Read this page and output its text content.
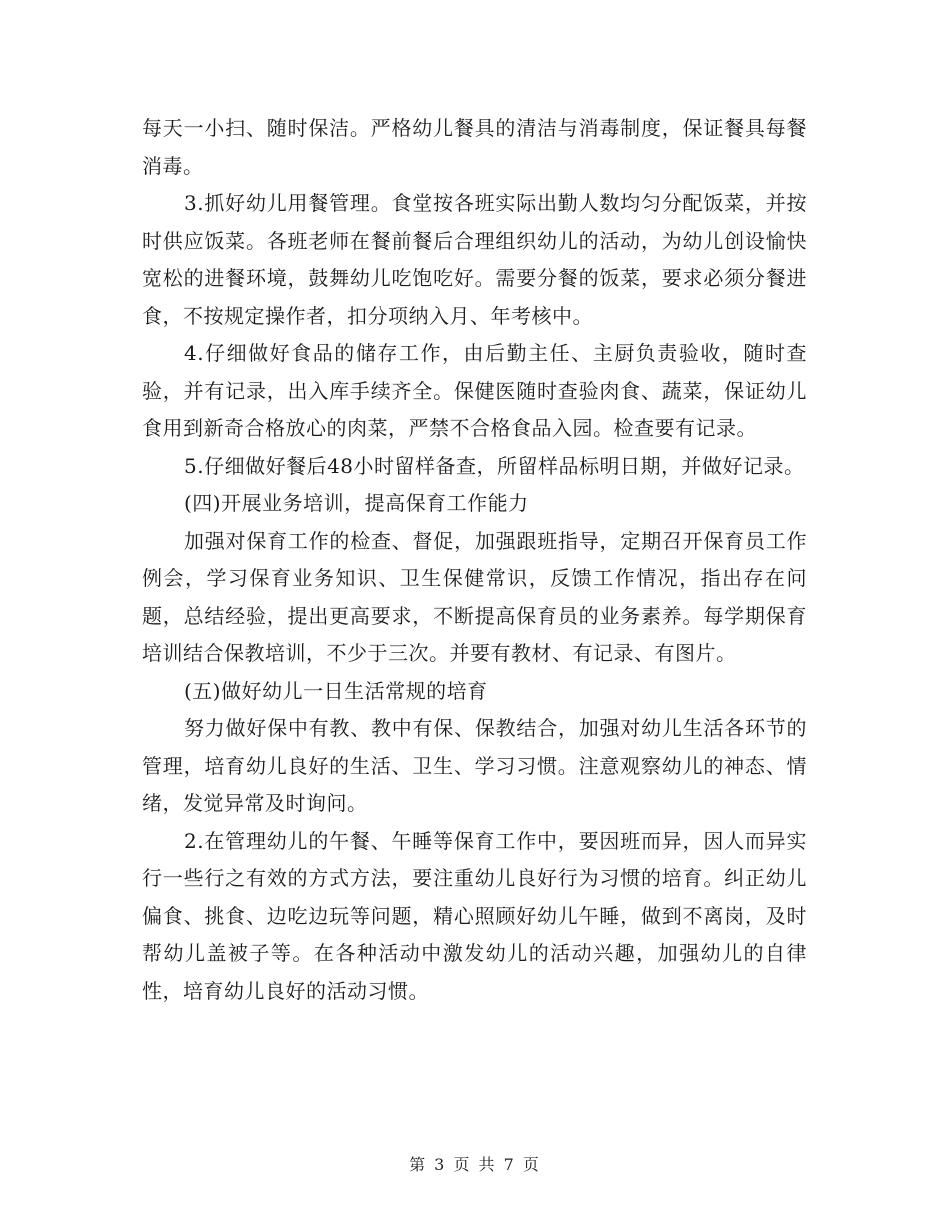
每天一小扫、随时保洁。严格幼儿餐具的清洁与消毒制度，保证餐具每餐消毒。

3.抓好幼儿用餐管理。食堂按各班实际出勤人数均匀分配饭菜，并按时供应饭菜。各班老师在餐前餐后合理组织幼儿的活动，为幼儿创设愉快宽松的进餐环境，鼓舞幼儿吃饱吃好。需要分餐的饭菜，要求必须分餐进食，不按规定操作者，扣分项纳入月、年考核中。

4.仔细做好食品的储存工作，由后勤主任、主厨负责验收，随时查验，并有记录，出入库手续齐全。保健医随时查验肉食、蔬菜，保证幼儿食用到新奇合格放心的肉菜，严禁不合格食品入园。检查要有记录。

5.仔细做好餐后48小时留样备查，所留样品标明日期，并做好记录。

(四)开展业务培训，提高保育工作能力

加强对保育工作的检查、督促，加强跟班指导，定期召开保育员工作例会，学习保育业务知识、卫生保健常识，反馈工作情况，指出存在问题，总结经验，提出更高要求，不断提高保育员的业务素养。每学期保育培训结合保教培训，不少于三次。并要有教材、有记录、有图片。

(五)做好幼儿一日生活常规的培育

努力做好保中有教、教中有保、保教结合，加强对幼儿生活各环节的管理，培育幼儿良好的生活、卫生、学习习惯。注意观察幼儿的神态、情绪，发觉异常及时询问。

2.在管理幼儿的午餐、午睡等保育工作中，要因班而异，因人而异实行一些行之有效的方式方法，要注重幼儿良好行为习惯的培育。纠正幼儿偏食、挑食、边吃边玩等问题，精心照顾好幼儿午睡，做到不离岗，及时帮幼儿盖被子等。在各种活动中激发幼儿的活动兴趣，加强幼儿的自律性，培育幼儿良好的活动习惯。

第 3 页 共 7 页
